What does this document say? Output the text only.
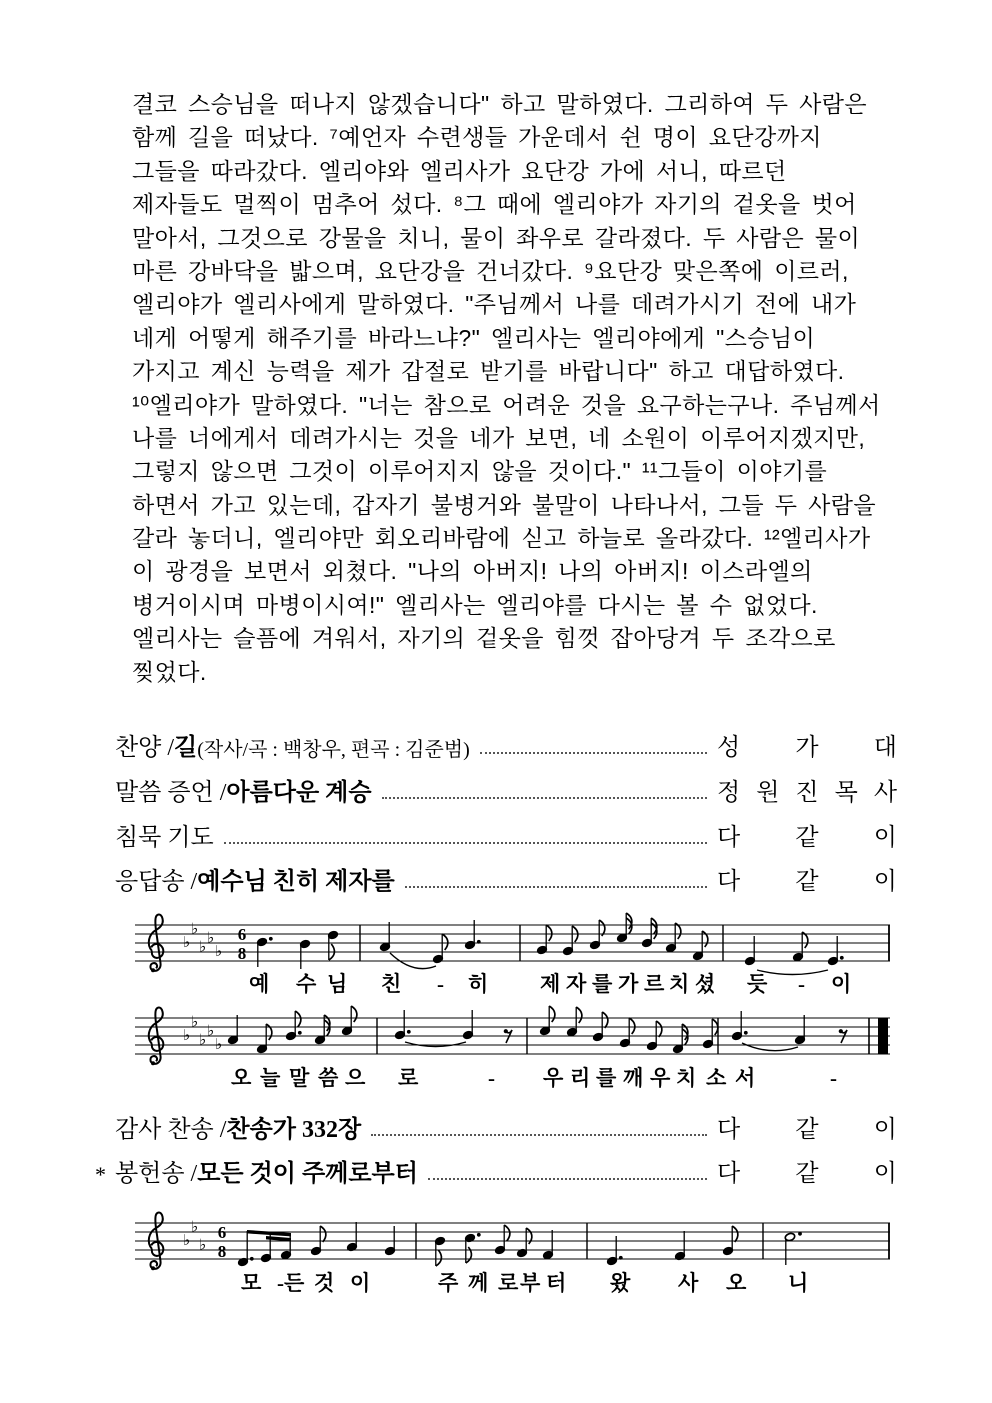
결코 스승님을 떠나지 않겠습니다" 하고 말하였다. 그리하여 두 사람은
함께 길을 떠났다. ⁷예언자 수련생들 가운데서 쉰 명이 요단강까지
그들을 따라갔다. 엘리야와 엘리사가 요단강 가에 서니, 따르던
제자들도 멀찍이 멈추어 섰다. ⁸그 때에 엘리야가 자기의 겉옷을 벗어
말아서, 그것으로 강물을 치니, 물이 좌우로 갈라졌다. 두 사람은 물이
마른 강바닥을 밟으며, 요단강을 건너갔다. ⁹요단강 맞은쪽에 이르러,
엘리야가 엘리사에게 말하였다. "주님께서 나를 데려가시기 전에 내가
네게 어떻게 해주기를 바라느냐?" 엘리사는 엘리야에게 "스승님이
가지고 계신 능력을 제가 갑절로 받기를 바랍니다" 하고 대답하였다.
¹⁰엘리야가 말하였다. "너는 참으로 어려운 것을 요구하는구나. 주님께서
나를 너에게서 데려가시는 것을 네가 보면, 네 소원이 이루어지겠지만,
그렇지 않으면 그것이 이루어지지 않을 것이다." ¹¹그들이 이야기를
하면서 가고 있는데, 갑자기 불병거와 불말이 나타나서, 그들 두 사람을
갈라 놓더니, 엘리야만 회오리바람에 싣고 하늘로 올라갔다. ¹²엘리사가
이 광경을 보면서 외쳤다. "나의 아버지! 나의 아버지! 이스라엘의
병거이시며 마병이시여!" 엘리사는 엘리야를 다시는 볼 수 없었다.
엘리사는 슬픔에 겨워서, 자기의 겉옷을 힘껏 잡아당겨 두 조각으로
찢었다.
찬양 / 길 (작사/곡 : 백창우, 편곡 : 김준범)	성 가 대
말씀 증언 / 아름다운 계승	정 원 진 목 사
침묵 기도	다 같 이
응답송 / 예수님 친히 제자를	다 같 이
감사 찬송 / 찬송가 332장	다 같 이
* 봉헌송 / 모든 것이 주께로부터	다 같 이
♭
♭
♭ ♭
♭
6
8
예 수 님 친 - 히 제 자 를 가 르 치 셨 듯 - 이
♭
♭
♭ ♭
♭
오 늘 말 씀 으 로	- 우 리 를 깨 우 치 소 서	-
♭
♭
♭
6
8
모 -든 것 이	주 께 로 부 터 왔 사 오 니
